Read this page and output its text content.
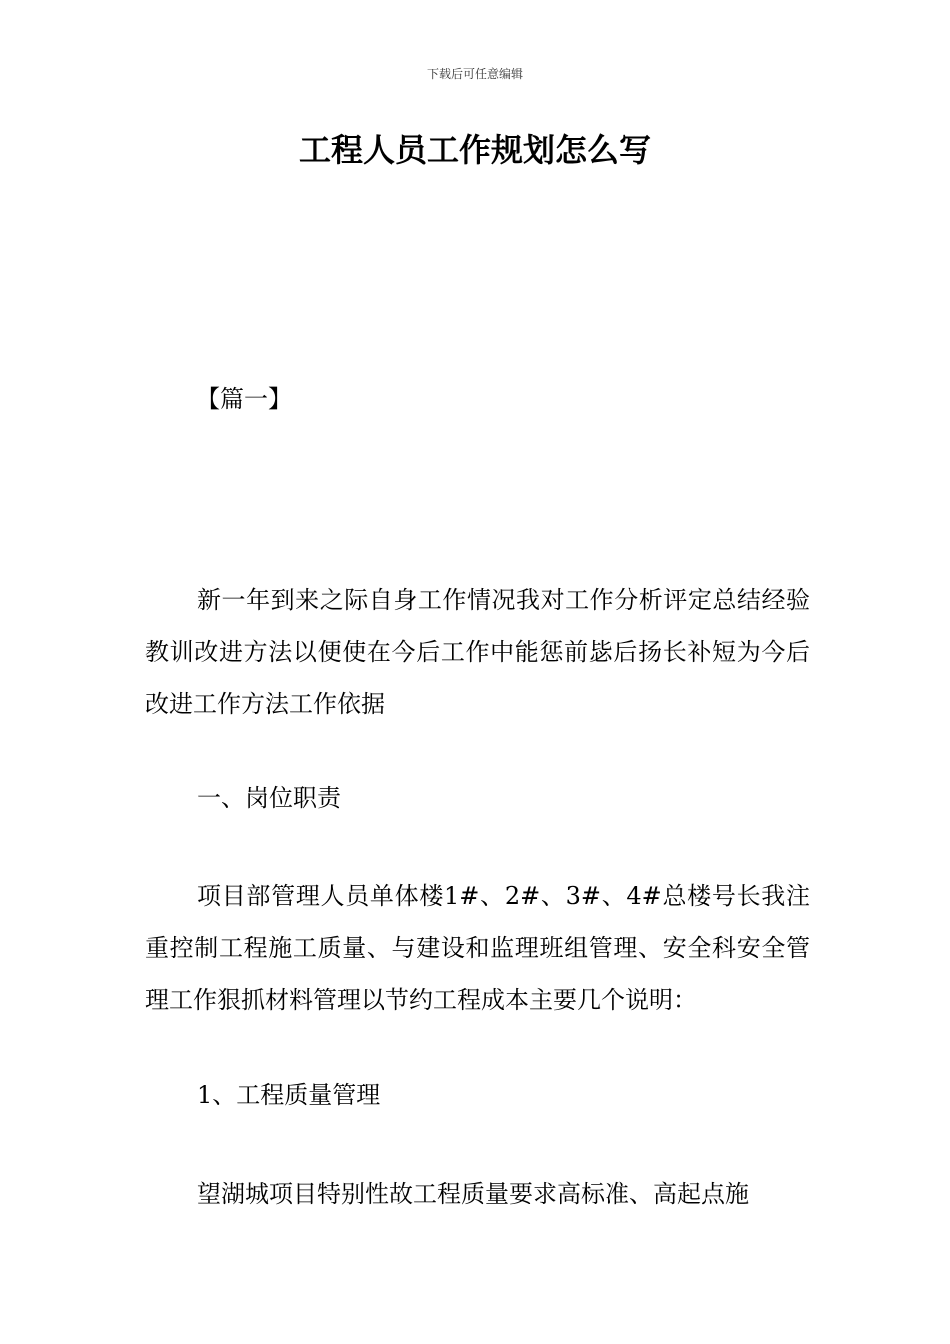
下载后可任意编辑
工程人员工作规划怎么写
【篇一】

新一年到来之际自身工作情况我对工作分析评定总结经验教训改进方法以便使在今后工作中能惩前毖后扬长补短为今后改进工作方法工作依据

一、岗位职责

项目部管理人员单体楼1#、2#、3#、4#总楼号长我注重控制工程施工质量、与建设和监理班组管理、安全科安全管理工作狠抓材料管理以节约工程成本主要几个说明：

1、工程质量管理

望湖城项目特别性故工程质量要求高标准、高起点施
